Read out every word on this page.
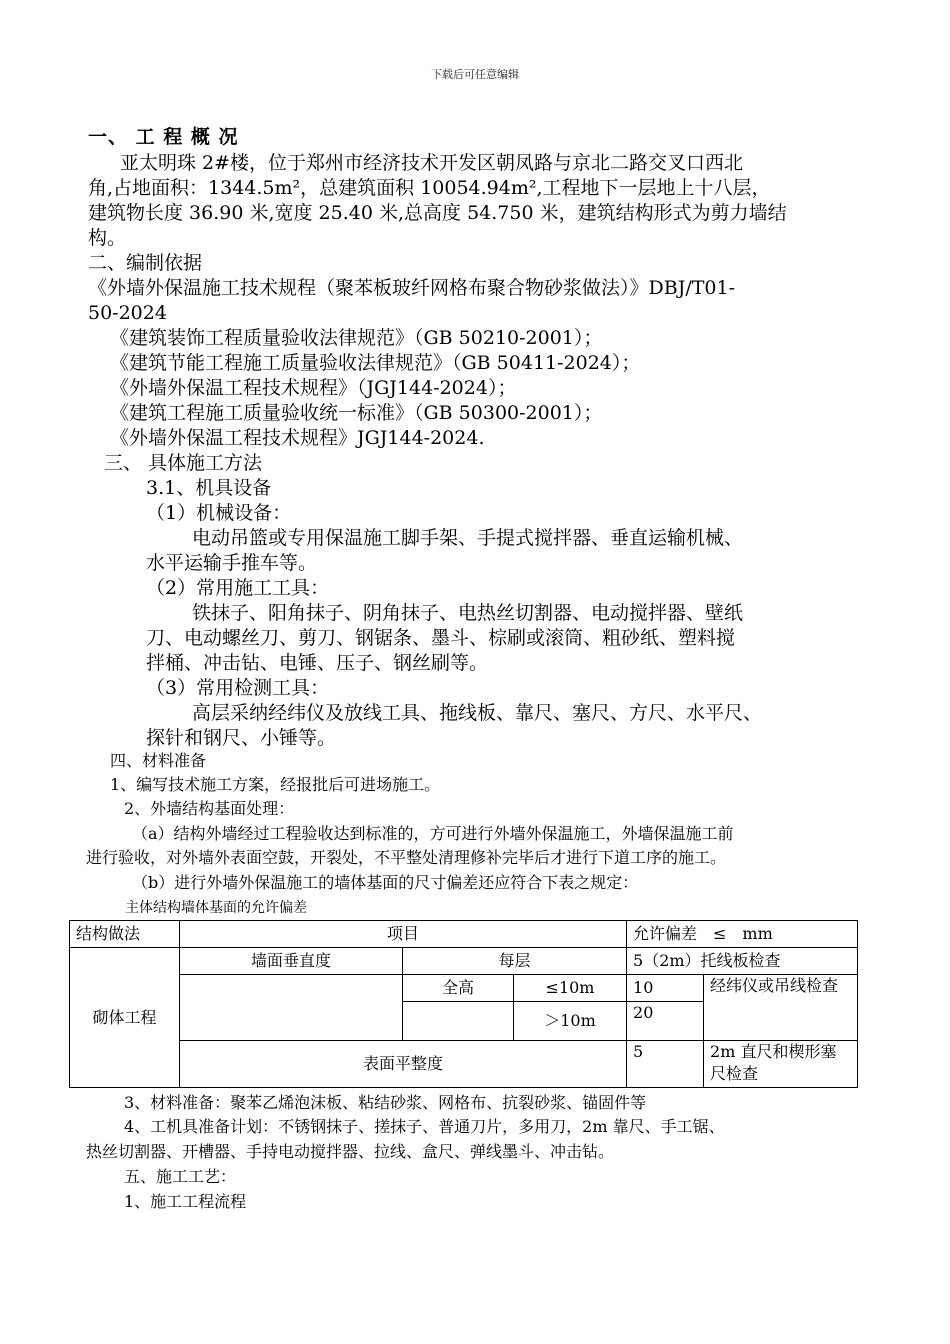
下载后可任意编辑
一、 工 程 概 况
亚太明珠 2#楼，位于郑州市经济技术开发区朝凤路与京北二路交叉口西北
角,占地面积：1344.5m²，总建筑面积 10054.94m²,工程地下一层地上十八层，
建筑物长度 36.90 米,宽度 25.40 米,总高度 54.750 米，建筑结构形式为剪力墙结
构。
二、编制依据
《外墙外保温施工技术规程（聚苯板玻纤网格布聚合物砂浆做法）》DBJ/T01-
50-2024
《建筑装饰工程质量验收法律规范》（GB 50210-2001）；
《建筑节能工程施工质量验收法律规范》（GB 50411-2024）；
《外墙外保温工程技术规程》（JGJ144-2024）；
《建筑工程施工质量验收统一标准》（GB 50300-2001）；
《外墙外保温工程技术规程》JGJ144-2024.
三、 具体施工方法
3.1、机具设备
（1）机械设备：
电动吊篮或专用保温施工脚手架、手提式搅拌器、垂直运输机械、
水平运输手推车等。
（2）常用施工工具：
铁抹子、阳角抹子、阴角抹子、电热丝切割器、电动搅拌器、壁纸
刀、电动螺丝刀、剪刀、钢锯条、墨斗、棕刷或滚筒、粗砂纸、塑料搅
拌桶、冲击钻、电锤、压子、钢丝刷等。
（3）常用检测工具：
高层采纳经纬仪及放线工具、拖线板、靠尺、塞尺、方尺、水平尺、
探针和钢尺、小锤等。
四、材料准备
1、编写技术施工方案，经报批后可进场施工。
2、外墙结构基面处理：
（a）结构外墙经过工程验收达到标准的，方可进行外墙外保温施工，外墙保温施工前
进行验收，对外墙外表面空鼓，开裂处，不平整处清理修补完毕后才进行下道工序的施工。
（b）进行外墙外保温施工的墙体基面的尺寸偏差还应符合下表之规定：
主体结构墙体基面的允许偏差
结构做法	项目			允许偏差　≤　mm	
砌体工程	墙面垂直度	每层		5（2m）托线板检查	
		全高	≤10m	10	经纬仪或吊线检查
			＞10m	20	
	表面平整度			5	2m 直尺和楔形塞尺检查
3、材料准备：聚苯乙烯泡沫板、粘结砂浆、网格布、抗裂砂浆、锚固件等
4、工机具准备计划：不锈钢抹子、搓抹子、普通刀片，多用刀，2m 靠尺、手工锯、
热丝切割器、开槽器、手持电动搅拌器、拉线、盒尺、弹线墨斗、冲击钻。
五、施工工艺：
1、施工工程流程
